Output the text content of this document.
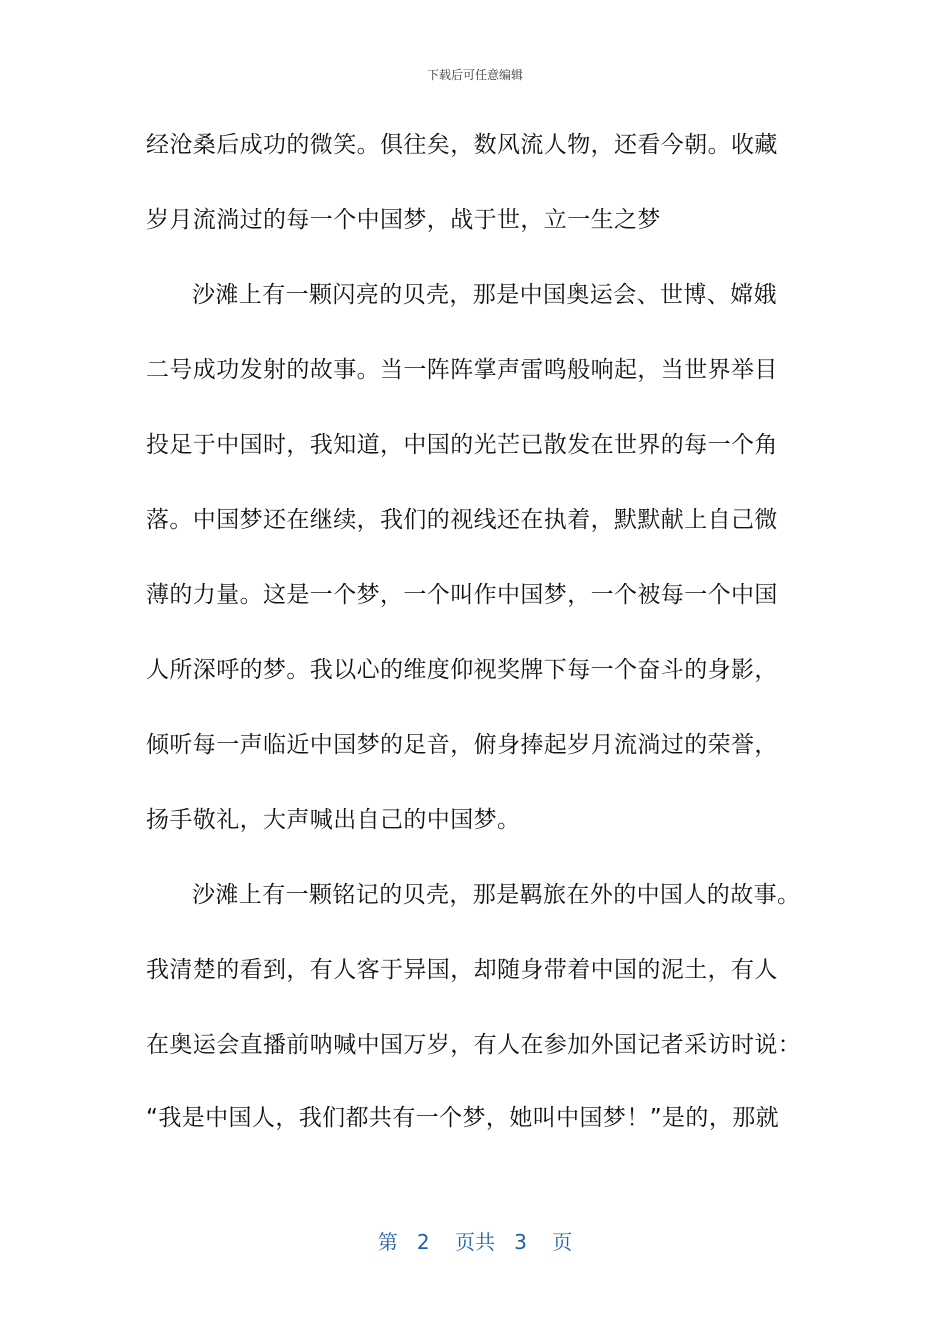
下载后可任意编辑
经沧桑后成功的微笑。俱往矣，数风流人物，还看今朝。收藏
岁月流淌过的每一个中国梦，战于世，立一生之梦
沙滩上有一颗闪亮的贝壳，那是中国奥运会、世博、嫦娥
二号成功发射的故事。当一阵阵掌声雷鸣般响起，当世界举目
投足于中国时，我知道，中国的光芒已散发在世界的每一个角
落。中国梦还在继续，我们的视线还在执着，默默献上自己微
薄的力量。这是一个梦，一个叫作中国梦，一个被每一个中国
人所深呼的梦。我以心的维度仰视奖牌下每一个奋斗的身影，
倾听每一声临近中国梦的足音，俯身捧起岁月流淌过的荣誉，
扬手敬礼，大声喊出自己的中国梦。
沙滩上有一颗铭记的贝壳，那是羁旅在外的中国人的故事。
我清楚的看到，有人客于异国，却随身带着中国的泥土，有人
在奥运会直播前呐喊中国万岁，有人在参加外国记者采访时说：
“我是中国人，我们都共有一个梦，她叫中国梦！”是的，那就
第 2 页共 3 页
